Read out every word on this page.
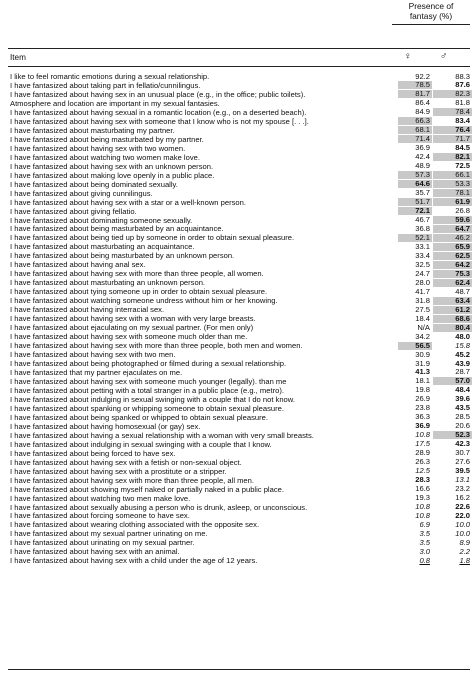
Presence of
fantasy (%)
Item	♀	♂
I like to feel romantic emotions during a sexual relationship.	92.2	88.3
I have fantasized about taking part in fellatio/cunnilingus.	78.5	87.6
I have fantasized about having sex in an unusual place (e.g., in the office; public toilets).	81.7	82.3
Atmosphere and location are important in my sexual fantasies.	86.4	81.8
I have fantasized about having sexual in a romantic location (e.g., on a deserted beach).	84.9	78.4
I have fantasized about having sex with someone that I know who is not my spouse [. . .].	66.3	83.4
I have fantasized about masturbating my partner.	68.1	76.4
I have fantasized about being masturbated by my partner.	71.4	71.7
I have fantasized about having sex with two women.	36.9	84.5
I have fantasized about watching two women make love.	42.4	82.1
I have fantasized about having sex with an unknown person.	48.9	72.5
I have fantasized about making love openly in a public place.	57.3	66.1
I have fantasized about being dominated sexually.	64.6	53.3
I have fantasized about giving cunnilingus.	35.7	78.1
I have fantasized about having sex with a star or a well-known person.	51.7	61.9
I have fantasized about giving fellatio.	72.1	26.8
I have fantasized about dominating someone sexually.	46.7	59.6
I have fantasized about being masturbated by an acquaintance.	36.8	64.7
I have fantasized about being tied up by someone in order to obtain sexual pleasure.	52.1	46.2
I have fantasized about masturbating an acquaintance.	33.1	65.9
I have fantasized about being masturbated by an unknown person.	33.4	62.5
I have fantasized about having anal sex.	32.5	64.2
I have fantasized about having sex with more than three people, all women.	24.7	75.3
I have fantasized about masturbating an unknown person.	28.0	62.4
I have fantasized about tying someone up in order to obtain sexual pleasure.	41.7	48.7
I have fantasized about watching someone undress without him or her knowing.	31.8	63.4
I have fantasized about having interracial sex.	27.5	61.2
I have fantasized about having sex with a woman with very large breasts.	18.4	68.6
I have fantasized about ejaculating on my sexual partner. (For men only)	N/A	80.4
I have fantasized about having sex with someone much older than me.	34.2	48.0
I have fantasized about having sex with more than three people, both men and women.	56.5	15.8
I have fantasized about having sex with two men.	30.9	45.2
I have fantasized about being photographed or filmed during a sexual relationship.	31.9	43.9
I have fantasized that my partner ejaculates on me.	41.3	28.7
I have fantasized about having sex with someone much younger (legally). than me	18.1	57.0
I have fantasized about petting with a total stranger in a public place (e.g., metro).	19.8	48.4
I have fantasized about indulging in sexual swinging with a couple that I do not know.	26.9	39.6
I have fantasized about spanking or whipping someone to obtain sexual pleasure.	23.8	43.5
I have fantasized about being spanked or whipped to obtain sexual pleasure.	36.3	28.5
I have fantasized about having homosexual (or gay) sex.	36.9	20.6
I have fantasized about having a sexual relationship with a woman with very small breasts.	10.8	52.3
I have fantasized about indulging in sexual swinging with a couple that I know.	17.5	42.3
I have fantasized about being forced to have sex.	28.9	30.7
I have fantasized about having sex with a fetish or non-sexual object.	26.3	27.6
I have fantasized about having sex with a prostitute or a stripper.	12.5	39.5
I have fantasized about having sex with more than three people, all men.	28.3	13.1
I have fantasized about showing myself naked or partially naked in a public place.	16.6	23.2
I have fantasized about watching two men make love.	19.3	16.2
I have fantasized about sexually abusing a person who is drunk, asleep, or unconscious.	10.8	22.6
I have fantasized about forcing someone to have sex.	10.8	22.0
I have fantasized about wearing clothing associated with the opposite sex.	6.9	10.0
I have fantasized about my sexual partner urinating on me.	3.5	10.0
I have fantasized about urinating on my sexual partner.	3.5	8.9
I have fantasized about having sex with an animal.	3.0	2.2
I have fantasized about having sex with a child under the age of 12 years.	0.8	1.8
